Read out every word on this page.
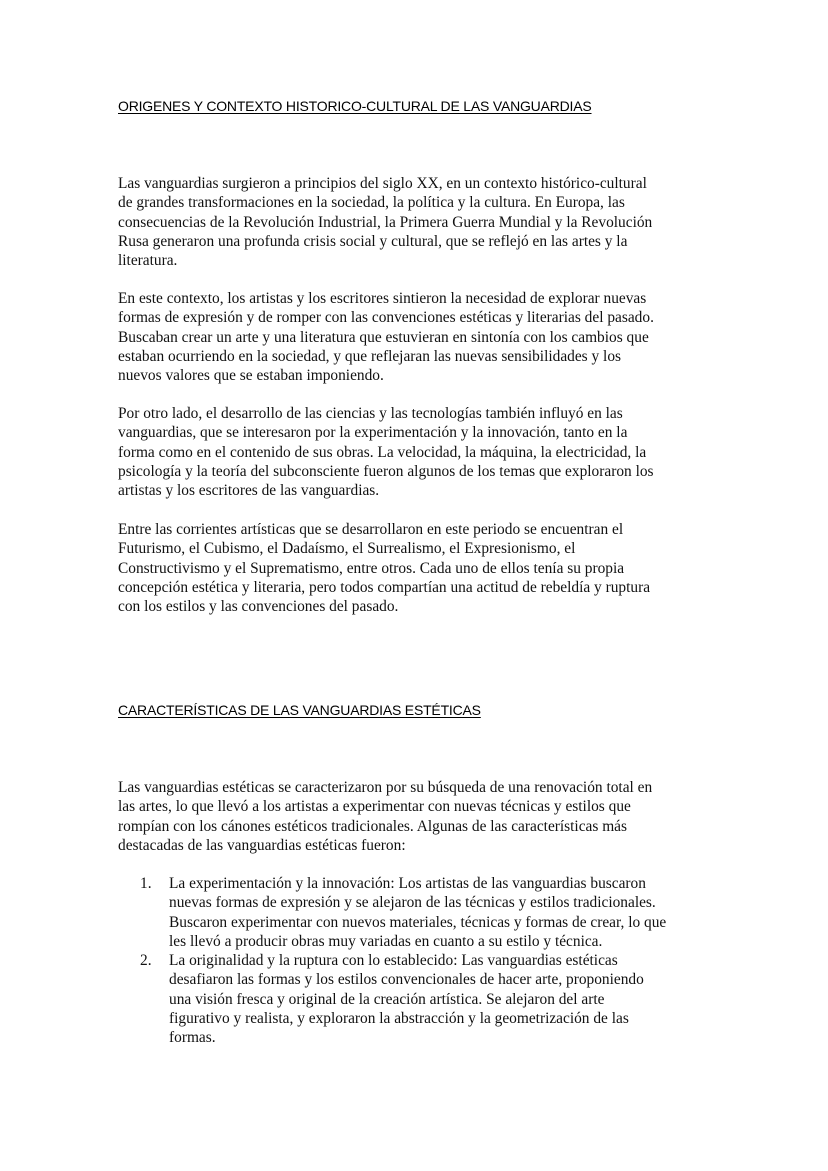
ORIGENES Y CONTEXTO HISTORICO-CULTURAL DE LAS VANGUARDIAS

Las vanguardias surgieron a principios del siglo XX, en un contexto histórico-cultural
de grandes transformaciones en la sociedad, la política y la cultura. En Europa, las
consecuencias de la Revolución Industrial, la Primera Guerra Mundial y la Revolución
Rusa generaron una profunda crisis social y cultural, que se reflejó en las artes y la
literatura.

En este contexto, los artistas y los escritores sintieron la necesidad de explorar nuevas
formas de expresión y de romper con las convenciones estéticas y literarias del pasado.
Buscaban crear un arte y una literatura que estuvieran en sintonía con los cambios que
estaban ocurriendo en la sociedad, y que reflejaran las nuevas sensibilidades y los
nuevos valores que se estaban imponiendo.

Por otro lado, el desarrollo de las ciencias y las tecnologías también influyó en las
vanguardias, que se interesaron por la experimentación y la innovación, tanto en la
forma como en el contenido de sus obras. La velocidad, la máquina, la electricidad, la
psicología y la teoría del subconsciente fueron algunos de los temas que exploraron los
artistas y los escritores de las vanguardias.

Entre las corrientes artísticas que se desarrollaron en este periodo se encuentran el
Futurismo, el Cubismo, el Dadaísmo, el Surrealismo, el Expresionismo, el
Constructivismo y el Suprematismo, entre otros. Cada uno de ellos tenía su propia
concepción estética y literaria, pero todos compartían una actitud de rebeldía y ruptura
con los estilos y las convenciones del pasado.

CARACTERÍSTICAS DE LAS VANGUARDIAS ESTÉTICAS

Las vanguardias estéticas se caracterizaron por su búsqueda de una renovación total en
las artes, lo que llevó a los artistas a experimentar con nuevas técnicas y estilos que
rompían con los cánones estéticos tradicionales. Algunas de las características más
destacadas de las vanguardias estéticas fueron:

1. La experimentación y la innovación: Los artistas de las vanguardias buscaron
nuevas formas de expresión y se alejaron de las técnicas y estilos tradicionales.
Buscaron experimentar con nuevos materiales, técnicas y formas de crear, lo que
les llevó a producir obras muy variadas en cuanto a su estilo y técnica.
2. La originalidad y la ruptura con lo establecido: Las vanguardias estéticas
desafiaron las formas y los estilos convencionales de hacer arte, proponiendo
una visión fresca y original de la creación artística. Se alejaron del arte
figurativo y realista, y exploraron la abstracción y la geometrización de las
formas.
